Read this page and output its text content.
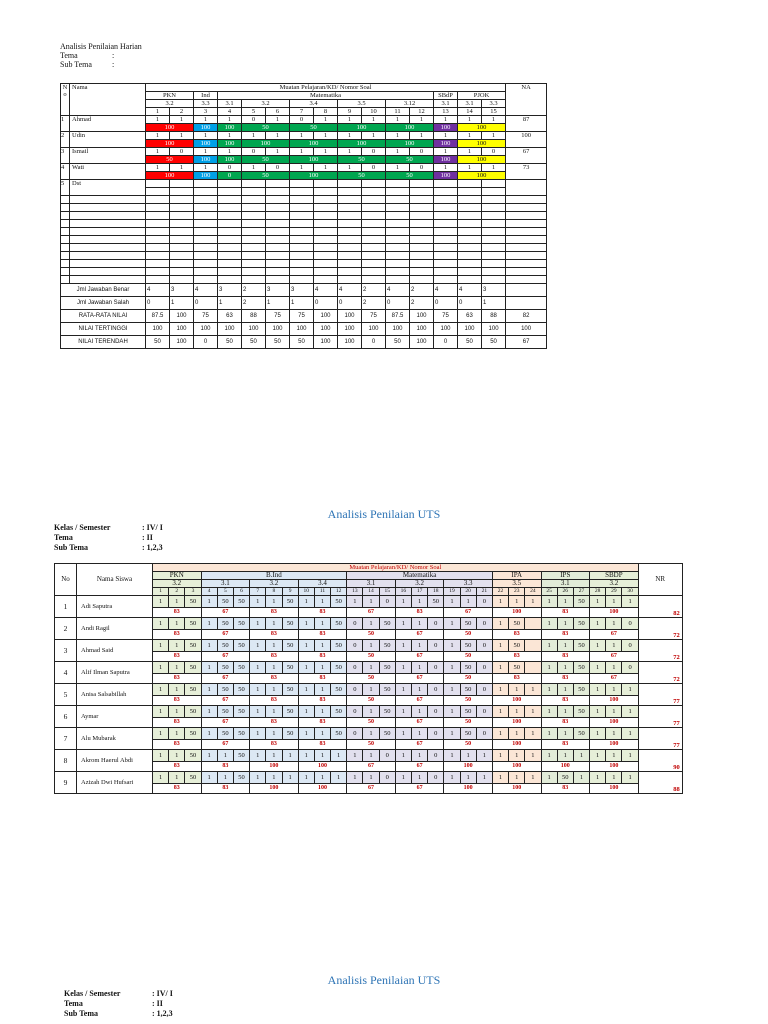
Analisis Penilaian Harian
Tema	:
Sub Tema	:
N o	Nama	Muatan Pelajaran/KD/ Nomor Soal															NA
		PKN		Ind	Matematika									SBdP	PJOK		
		3.2		3.3	3.1	3.2		3.4		3.5		3.12		3.1	3.1	3.3	
		1	2	3	4	5	6	7	8	9	10	11	12	13	14	15	
1	Ahmad	1	1	1	1	0	1	0	1	1	1	1	1	1	1	1	87
		100		100	100	50		50		100		100		100	100		
2	Udin	1	1	1	1	1	1	1	1	1	1	1	1	1	1	1	100
		100		100	100	100		100		100		100		100	100		
3	Ismail	1	0	1	1	0	1	1	1	1	0	1	0	1	1	0	67
		50		100	100	50		100		50		50		100	100		
4	Wati	1	1	1	0	1	0	1	1	1	0	1	0	1	1	1	73
		100		100	0	50		100		50		50		100	100		
5	Dst																

Jml Jawaban Benar		4	3	4	3	2	3	3	4	4	2	4	2	4	4	3	
Jml Jawaban Salah		0	1	0	1	2	1	1	0	0	2	0	2	0	0	1	
RATA-RATA NILAI		87.5	100	75	63	88	75	75	100	100	75	87.5	100	75	63	88	82
NILAI TERTINGGI		100	100	100	100	100	100	100	100	100	100	100	100	100	100	100	100
NILAI TERENDAH		50	100	0	50	50	50	50	100	100	0	50	100	0	50	50	67
Analisis Penilaian UTS
Kelas / Semester	: IV/ I
Tema	: II
Sub Tema	: 1,2,3
No	Nama Siswa	Muatan Pelajaran/KD/ Nomor Soal																														NR
		PKN			B.Ind									Matematika									IPA			IPS			SBDP			
		3.2			3.1			3.2			3.4			3.1			3.2			3.3			3.5			3.1			3.2			
		1	2	3	4	5	6	7	8	9	10	11	12	13	14	15	16	17	18	19	20	21	22	23	24	25	26	27	28	29	30	
1	Adi Saputra	1	1	50	1	50	50	1	1	50	1	1	50	1	1	0	1	1	50	1	1	0	1	1	1	1	1	50	1	1	1	82
		83			67			83			83			67			83			67			100			83			100			
2	Andi Ragil	1	1	50	1	50	50	1	1	50	1	1	50	0	1	50	1	1	0	1	50	0	1	50		1	1	50	1	1	0	72
		83			67			83			83			50			67			50			83			83			67			
3	Ahmad Said	1	1	50	1	50	50	1	1	50	1	1	50	0	1	50	1	1	0	1	50	0	1	50		1	1	50	1	1	0	72
		83			67			83			83			50			67			50			83			83			67			
4	Alif Ilman Saputra	1	1	50	1	50	50	1	1	50	1	1	50	0	1	50	1	1	0	1	50	0	1	50		1	1	50	1	1	0	72
		83			67			83			83			50			67			50			83			83			67			
5	Anisa Salsabillah	1	1	50	1	50	50	1	1	50	1	1	50	0	1	50	1	1	0	1	50	0	1	1	1	1	1	50	1	1	1	77
		83			67			83			83			50			67			50			100			83			100			
6	Aymar	1	1	50	1	50	50	1	1	50	1	1	50	0	1	50	1	1	0	1	50	0	1	1	1	1	1	50	1	1	1	77
		83			67			83			83			50			67			50			100			83			100			
7	Alu Mubarak	1	1	50	1	50	50	1	1	50	1	1	50	0	1	50	1	1	0	1	50	0	1	1	1	1	1	50	1	1	1	77
		83			67			83			83			50			67			50			100			83			100			
8	Akrom Haerul Abdi	1	1	50	1	1	50	1	1	1	1	1	1	1	1	0	1	1	0	1	1	1	1	1	1	1	1	1	1	1	1	90
		83			83			100			100			67			67			100			100			100			100			
9	Azizah Dwi Hufsari	1	1	50	1	1	50	1	1	1	1	1	1	1	1	0	1	1	0	1	1	1	1	1	1	1	50	1	1	1	1	88
		83			83			100			100			67			67			100			100			83			100			
Analisis Penilaian UTS
Kelas / Semester	: IV/ I
Tema	: II
Sub Tema	: 1,2,3
